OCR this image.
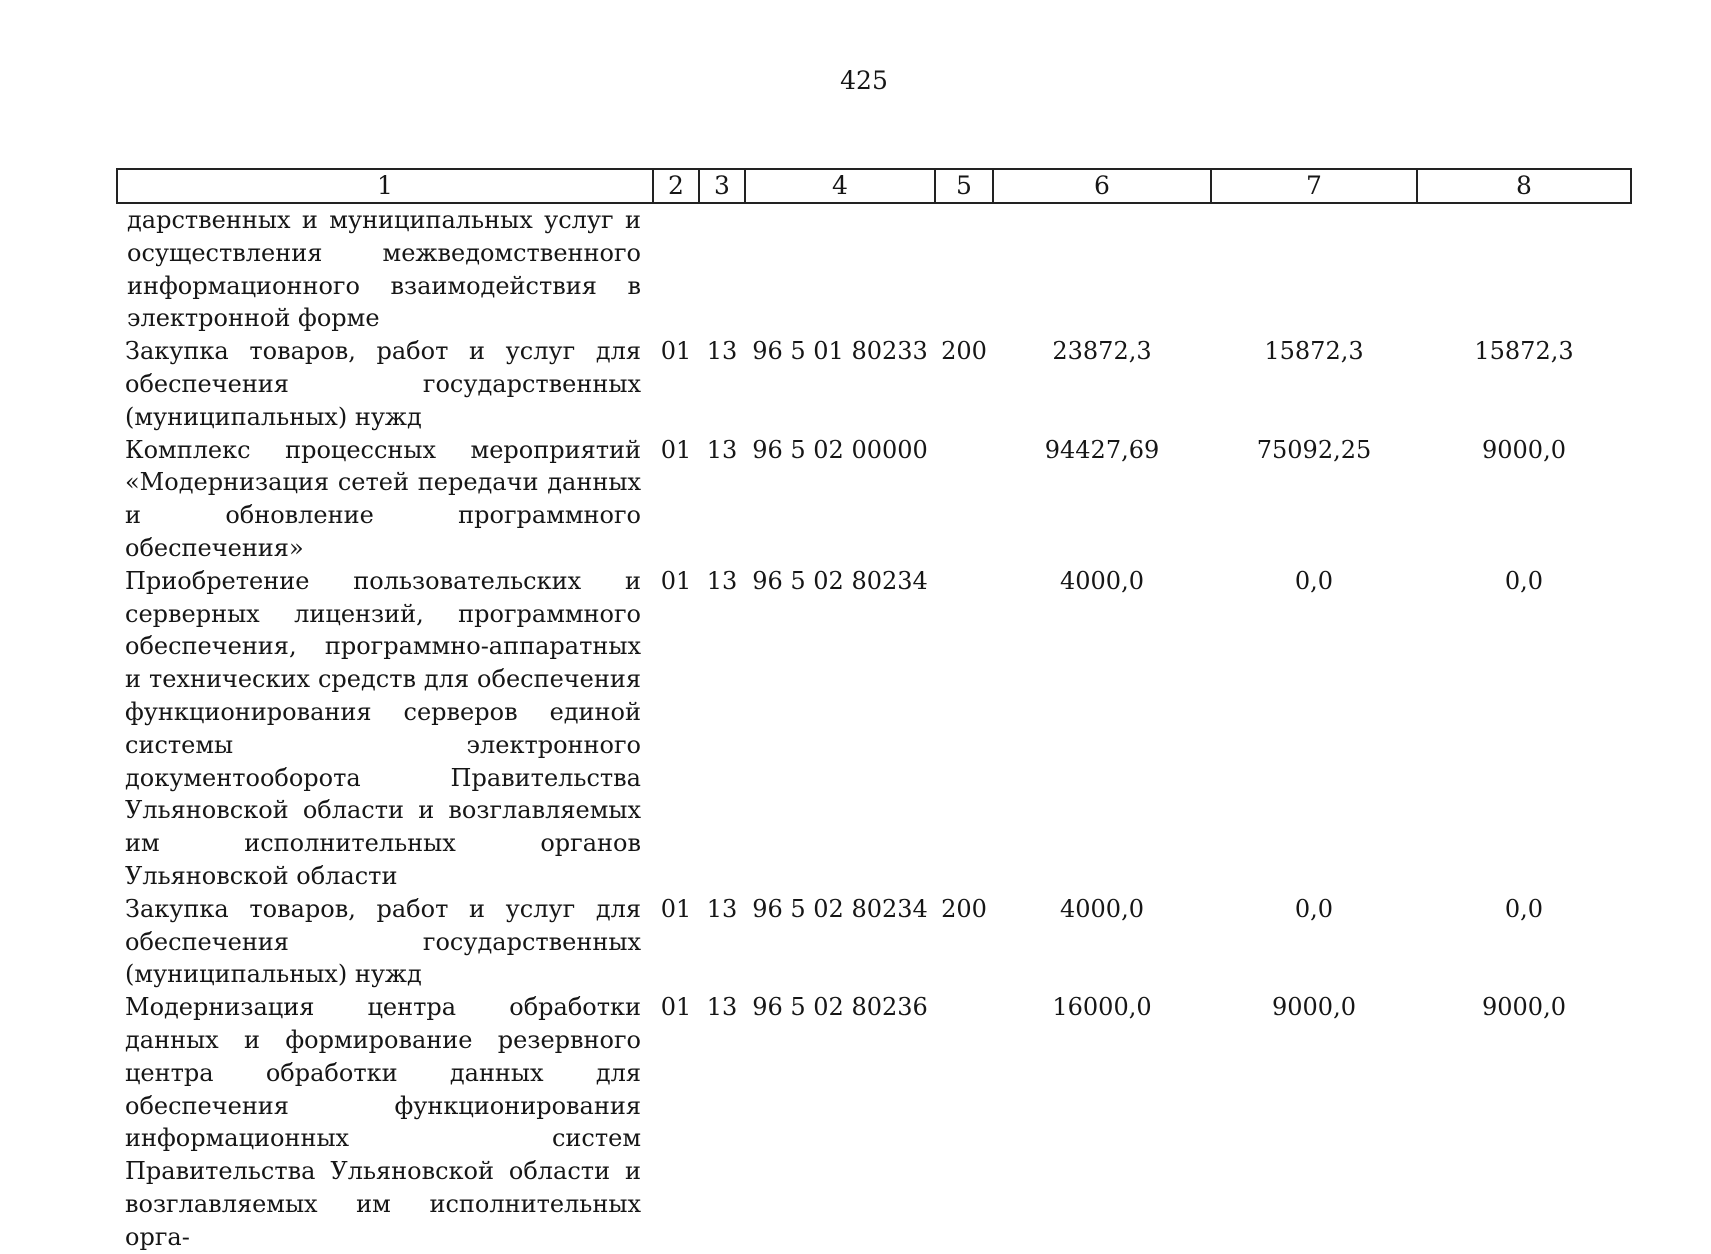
425
1	2	3	4	5	6	7	8
дарственных и муниципальных услуг и осуществления межведомственного информационного взаимодействия в электронной форме							
Закупка товаров, работ и услуг для обеспечения государственных (муниципальных) нужд	01	13	96 5 01 80233	200	23872,3	15872,3	15872,3
Комплекс процессных мероприятий «Модернизация сетей передачи данных и обновление программного обеспечения»	01	13	96 5 02 00000		94427,69	75092,25	9000,0
Приобретение пользовательских и серверных лицензий, программного обеспечения, программно-аппаратных и технических средств для обеспечения функционирования серверов единой системы электронного документооборота Правительства Ульяновской области и возглавляемых им исполнительных органов Ульяновской области	01	13	96 5 02 80234		4000,0	0,0	0,0
Закупка товаров, работ и услуг для обеспечения государственных (муниципальных) нужд	01	13	96 5 02 80234	200	4000,0	0,0	0,0
Модернизация центра обработки данных и формирование резервного центра обработки данных для обеспечения функционирования информационных систем Правительства Ульяновской области и возглавляемых им исполнительных орга-	01	13	96 5 02 80236		16000,0	9000,0	9000,0
